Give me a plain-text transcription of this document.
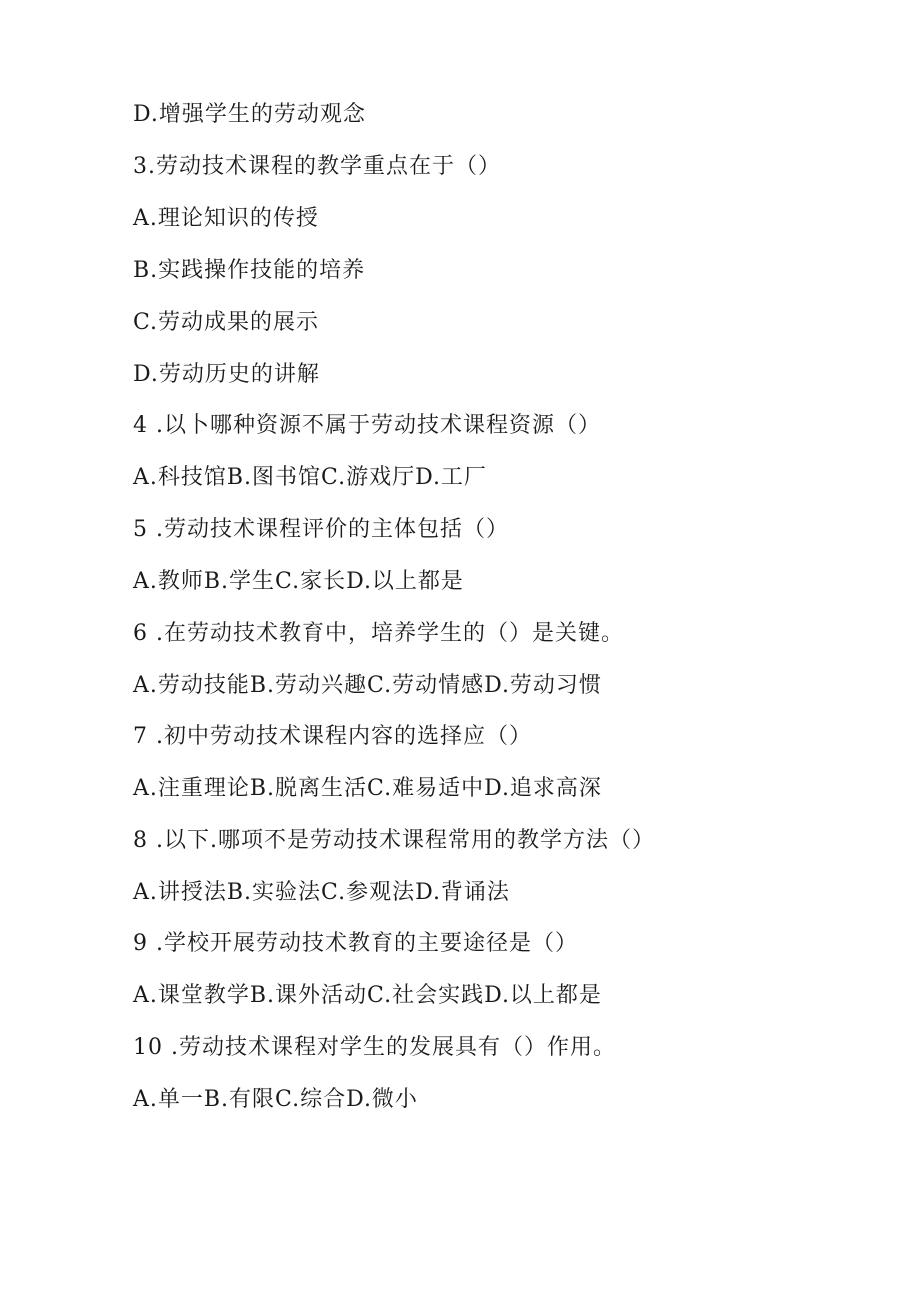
D.增强学生的劳动观念
3.劳动技术课程的教学重点在于（）
A.理论知识的传授
B.实践操作技能的培养
C.劳动成果的展示
D.劳动历史的讲解
4 .以卜哪种资源不属于劳动技术课程资源（）
A.科技馆B.图书馆C.游戏厅D.工厂
5 .劳动技术课程评价的主体包括（）
A.教师B.学生C.家长D.以上都是
6 .在劳动技术教育中，培养学生的（）是关键。
A.劳动技能B.劳动兴趣C.劳动情感D.劳动习惯
7 .初中劳动技术课程内容的选择应（）
A.注重理论B.脱离生活C.难易适中D.追求高深
8 .以下.哪项不是劳动技术课程常用的教学方法（）
A.讲授法B.实验法C.参观法D.背诵法
9 .学校开展劳动技术教育的主要途径是（）
A.课堂教学B.课外活动C.社会实践D.以上都是
10 .劳动技术课程对学生的发展具有（）作用。
A.单一B.有限C.综合D.微小
